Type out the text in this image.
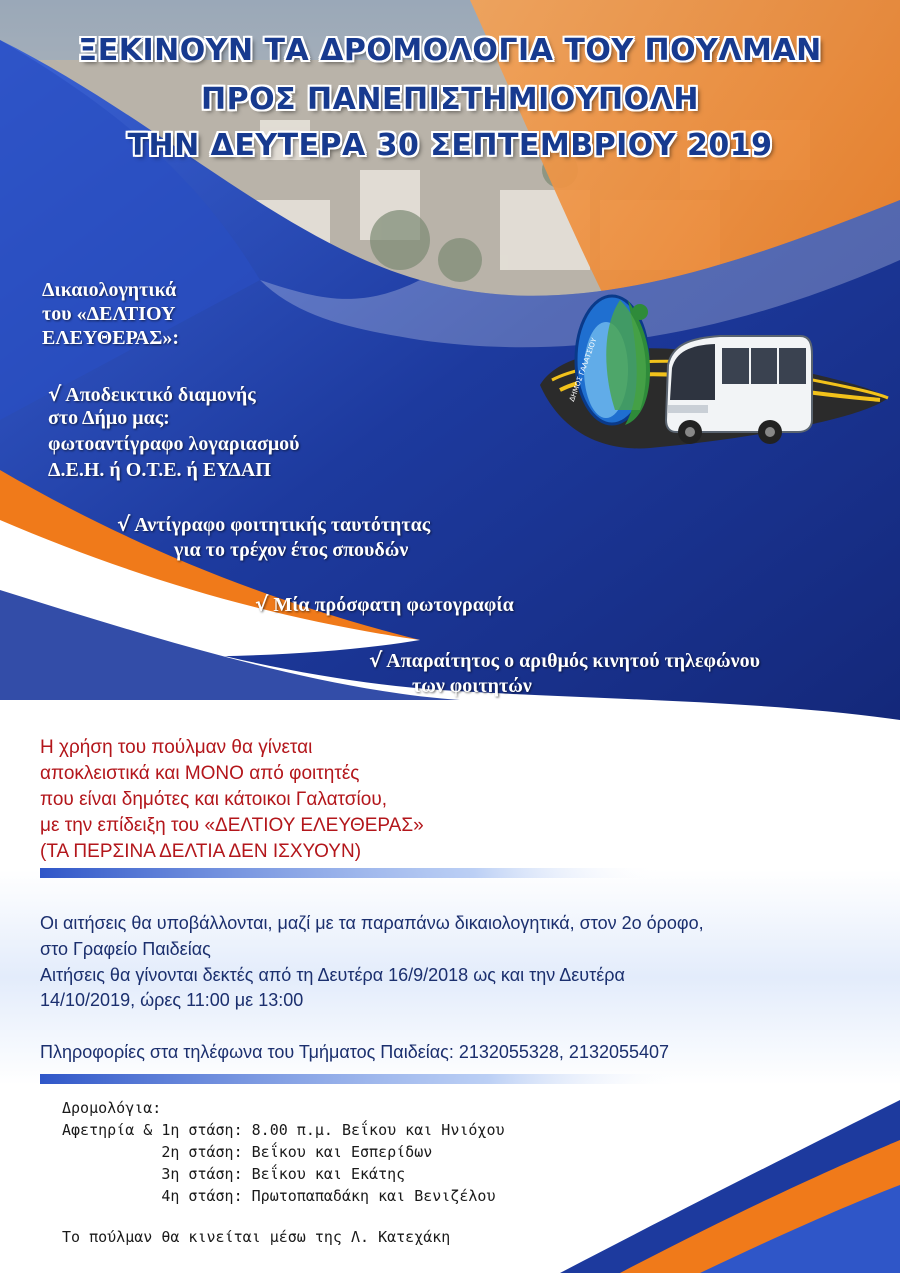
ΞΕΚΙΝΟΥΝ ΤΑ ΔΡΟΜΟΛΟΓΙΑ ΤΟΥ ΠΟΥΛΜΑΝ
ΠΡΟΣ ΠΑΝΕΠΙΣΤΗΜΙΟΥΠΟΛΗ
ΤΗΝ ΔΕΥΤΕΡΑ 30 ΣΕΠΤΕΜΒΡΙΟΥ 2019
ΔΗΜΟΣ ΓΑΛΑΤΣΙΟΥ
Δικαιολογητικά
του «ΔΕΛΤΙΟΥ
ΕΛΕΥΘΕΡΑΣ»:
√ Αποδεικτικό διαμονής
στο Δήμο μας:
φωτοαντίγραφο λογαριασμού
Δ.Ε.Η. ή Ο.Τ.Ε. ή ΕΥΔΑΠ
√ Αντίγραφο φοιτητικής ταυτότητας
για το τρέχον έτος σπουδών
√ Μία πρόσφατη φωτογραφία
√ Απαραίτητος ο αριθμός κινητού τηλεφώνου
των φοιτητών
Η χρήση του πούλμαν θα γίνεται
αποκλειστικά και ΜΟΝΟ από φοιτητές
που είναι δημότες και κάτοικοι Γαλατσίου,
με την επίδειξη του «ΔΕΛΤΙΟΥ ΕΛΕΥΘΕΡΑΣ»
(ΤΑ ΠΕΡΣΙΝΑ ΔΕΛΤΙΑ ΔΕΝ ΙΣΧΥΟΥΝ)
Οι αιτήσεις θα υποβάλλονται, μαζί με τα παραπάνω δικαιολογητικά, στον 2ο όροφο,
στο Γραφείο Παιδείας
Αιτήσεις θα γίνονται δεκτές από τη Δευτέρα 16/9/2018 ως και την Δευτέρα
14/10/2019, ώρες 11:00 με 13:00
Πληροφορίες στα τηλέφωνα του Τμήματος Παιδείας: 2132055328, 2132055407
Δρομολόγια:
Αφετηρία & 1η στάση: 8.00 π.μ. Βεΐκου και Ηνιόχου
2η στάση: Βεΐκου και Εσπερίδων
3η στάση: Βεΐκου και Εκάτης
4η στάση: Πρωτοπαπαδάκη και Βενιζέλου
Το πούλμαν θα κινείται μέσω της Λ. Κατεχάκη
